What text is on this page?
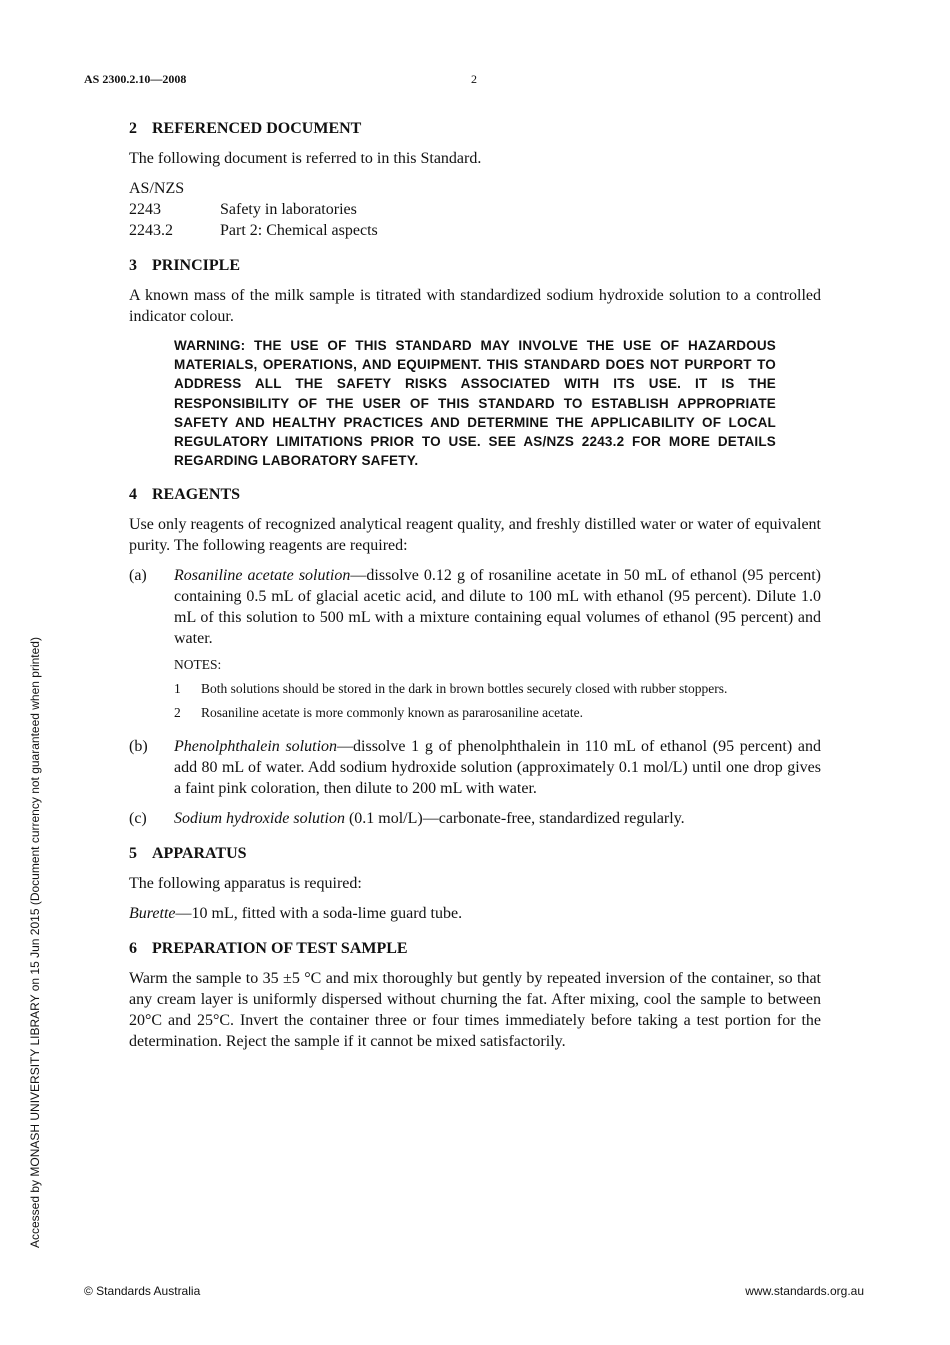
AS 2300.2.10—2008	2
Accessed by MONASH UNIVERSITY LIBRARY on 15 Jun 2015 (Document currency not guaranteed when printed)
2 REFERENCED DOCUMENT

The following document is referred to in this Standard.

AS/NZS
2243	Safety in laboratories
2243.2	Part 2: Chemical aspects
3 PRINCIPLE

A known mass of the milk sample is titrated with standardized sodium hydroxide solution to a controlled indicator colour.

WARNING: THE USE OF THIS STANDARD MAY INVOLVE THE USE OF HAZARDOUS MATERIALS, OPERATIONS, AND EQUIPMENT. THIS STANDARD DOES NOT PURPORT TO ADDRESS ALL THE SAFETY RISKS ASSOCIATED WITH ITS USE. IT IS THE RESPONSIBILITY OF THE USER OF THIS STANDARD TO ESTABLISH APPROPRIATE SAFETY AND HEALTHY PRACTICES AND DETERMINE THE APPLICABILITY OF LOCAL REGULATORY LIMITATIONS PRIOR TO USE. SEE AS/NZS 2243.2 FOR MORE DETAILS REGARDING LABORATORY SAFETY.
4 REAGENTS

Use only reagents of recognized analytical reagent quality, and freshly distilled water or water of equivalent purity. The following reagents are required:

(a)	Rosaniline acetate solution—dissolve 0.12 g of rosaniline acetate in 50 mL of ethanol (95 percent) containing 0.5 mL of glacial acetic acid, and dilute to 100 mL with ethanol (95 percent). Dilute 1.0 mL of this solution to 500 mL with a mixture containing equal volumes of ethanol (95 percent) and water.
NOTES:
1	Both solutions should be stored in the dark in brown bottles securely closed with rubber stoppers.
2	Rosaniline acetate is more commonly known as pararosaniline acetate.
(b)	Phenolphthalein solution—dissolve 1 g of phenolphthalein in 110 mL of ethanol (95 percent) and add 80 mL of water. Add sodium hydroxide solution (approximately 0.1 mol/L) until one drop gives a faint pink coloration, then dilute to 200 mL with water.
(c)	Sodium hydroxide solution (0.1 mol/L)—carbonate-free, standardized regularly.
5 APPARATUS

The following apparatus is required:

Burette—10 mL, fitted with a soda-lime guard tube.

6 PREPARATION OF TEST SAMPLE

Warm the sample to 35 ±5 °C and mix thoroughly but gently by repeated inversion of the container, so that any cream layer is uniformly dispersed without churning the fat. After mixing, cool the sample to between 20°C and 25°C. Invert the container three or four times immediately before taking a test portion for the determination. Reject the sample if it cannot be mixed satisfactorily.

© Standards Australia	www.standards.org.au
